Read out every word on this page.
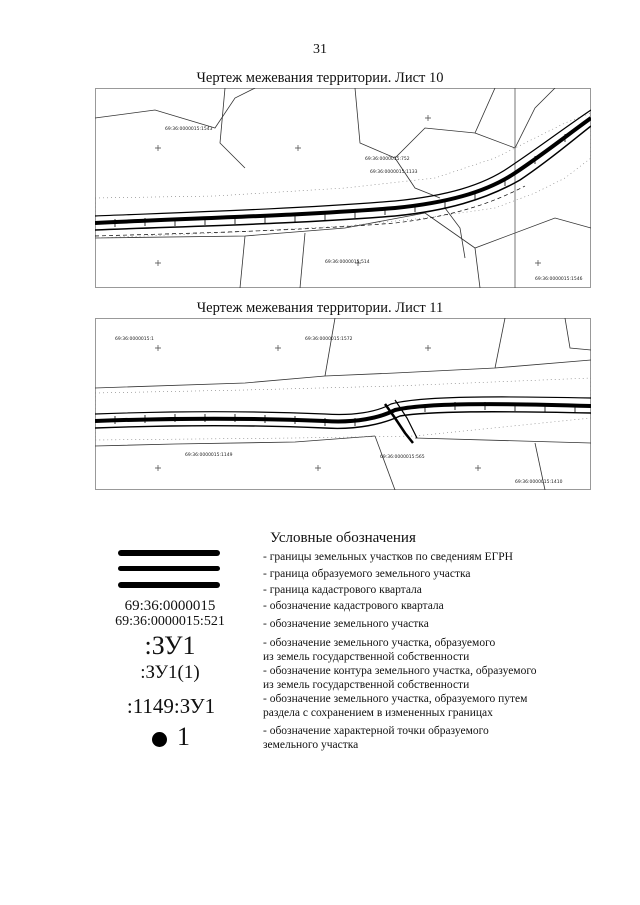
31
Чертеж межевания территории. Лист 10
69:36:0000015:1543
69:36:0000015:752
69:36:0000015:1133
69:36:0000015:514
69:36:0000015:1546
Чертеж межевания территории. Лист 11
69:36:0000015:1	69:36:0000015:1572
69:36:0000015:1149	69:36:0000015:565
69:36:0000015:1410
Условные обозначения
69:36:0000015
69:36:0000015:521
:ЗУ1
:ЗУ1(1)
:1149:ЗУ1
1
- границы земельных участков по сведениям ЕГРН
- граница образуемого земельного участка
- граница кадастрового квартала
- обозначение кадастрового квартала
- обозначение земельного участка
- обозначение земельного участка, образуемого
из земель государственной собственности
- обозначение контура земельного участка, образуемого
из земель государственной собственности
- обозначение земельного участка, образуемого путем
раздела с сохранением в измененных границах
- обозначение характерной точки образуемого
земельного участка
